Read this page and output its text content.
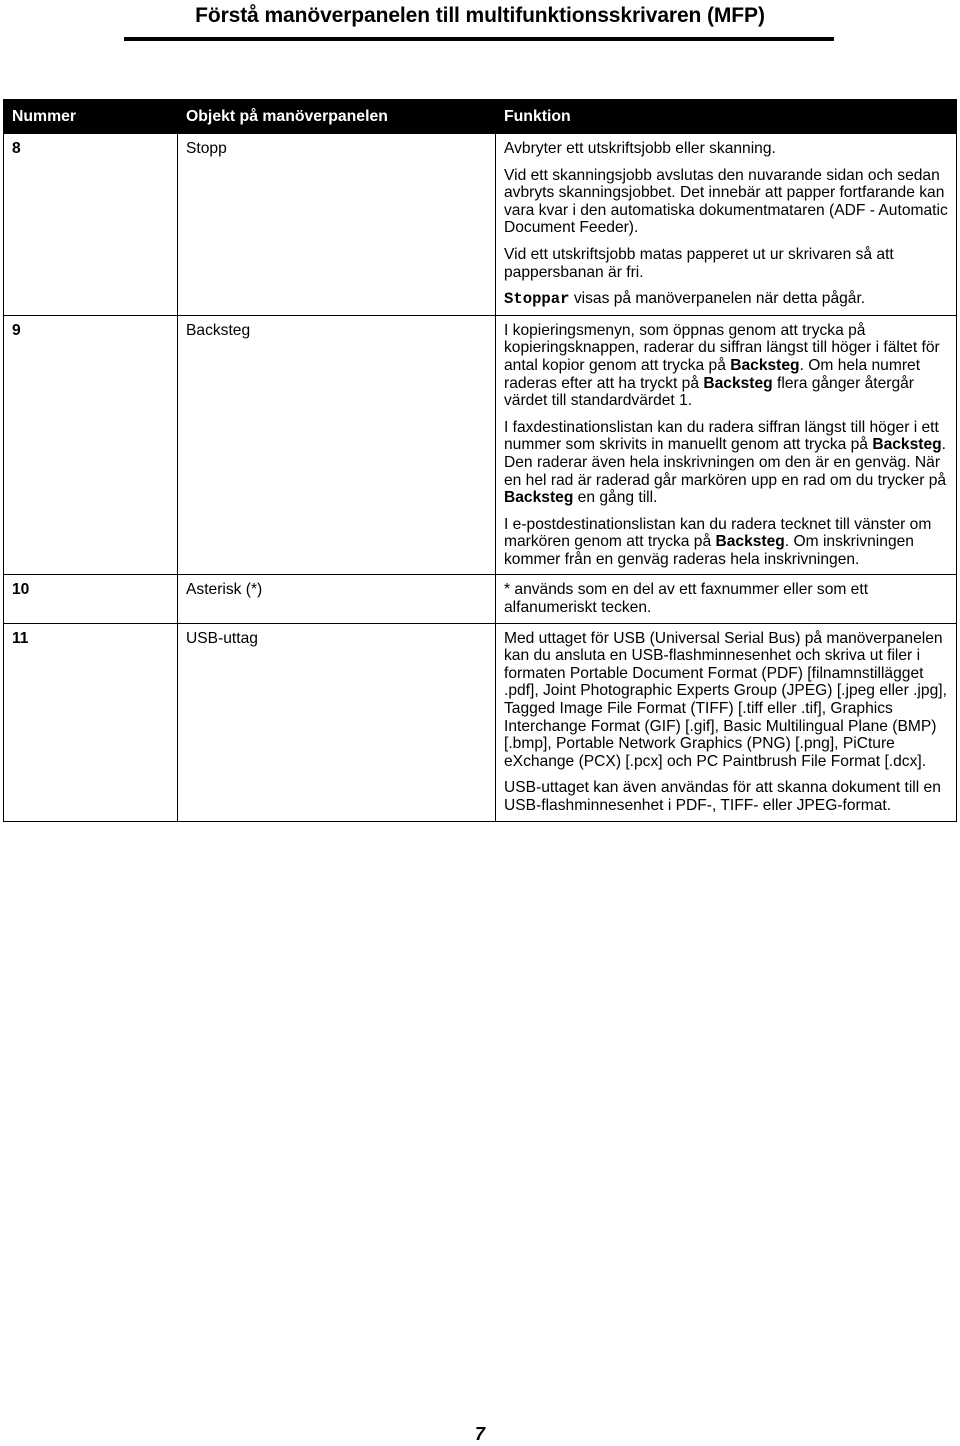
Förstå manöverpanelen till multifunktionsskrivaren (MFP)
Nummer	Objekt på manöverpanelen	Funktion
8	Stopp	Avbryter ett utskriftsjobb eller skanning.

Vid ett skanningsjobb avslutas den nuvarande sidan och sedan avbryts skanningsjobbet. Det innebär att papper fortfarande kan vara kvar i den automatiska dokumentmataren (ADF - Automatic Document Feeder).

Vid ett utskriftsjobb matas papperet ut ur skrivaren så att pappersbanan är fri.

Stoppar visas på manöverpanelen när detta pågår.

9	Backsteg	I kopieringsmenyn, som öppnas genom att trycka på kopieringsknappen, raderar du siffran längst till höger i fältet för antal kopior genom att trycka på Backsteg. Om hela numret raderas efter att ha tryckt på Backsteg flera gånger återgår värdet till standardvärdet 1.

I faxdestinationslistan kan du radera siffran längst till höger i ett nummer som skrivits in manuellt genom att trycka på Backsteg. Den raderar även hela inskrivningen om den är en genväg. När en hel rad är raderad går markören upp en rad om du trycker på Backsteg en gång till.

I e-postdestinationslistan kan du radera tecknet till vänster om markören genom att trycka på Backsteg. Om inskrivningen kommer från en genväg raderas hela inskrivningen.

10	Asterisk (*)	* används som en del av ett faxnummer eller som ett alfanumeriskt tecken.

11	USB-uttag	Med uttaget för USB (Universal Serial Bus) på manöverpanelen kan du ansluta en USB-flashminnesenhet och skriva ut filer i formaten Portable Document Format (PDF) [filnamnstillägget .pdf], Joint Photographic Experts Group (JPEG) [.jpeg eller .jpg], Tagged Image File Format (TIFF) [.tiff eller .tif], Graphics Interchange Format (GIF) [.gif], Basic Multilingual Plane (BMP) [.bmp], Portable Network Graphics (PNG) [.png], PiCture eXchange (PCX) [.pcx] och PC Paintbrush File Format [.dcx].

USB-uttaget kan även användas för att skanna dokument till en USB-flashminnesenhet i PDF-, TIFF- eller JPEG-format.

7
